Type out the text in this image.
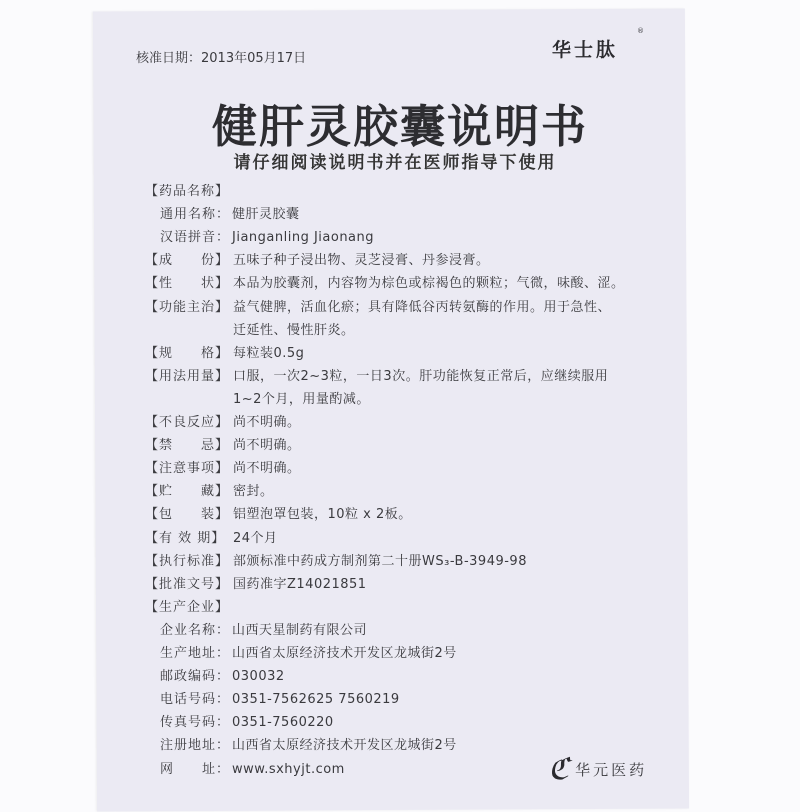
核准日期：2013年05月17日	华士肽
®
健肝灵胶囊说明书
请仔细阅读说明书并在医师指导下使用
【药品名称】
通用名称： 健肝灵胶囊
汉语拼音： Jianganling Jiaonang
【成　　份】 五味子种子浸出物、灵芝浸膏、丹参浸膏。
【性　　状】 本品为胶囊剂，内容物为棕色或棕褐色的颗粒；气微，味酸、涩。
【功能主治】 益气健脾，活血化瘀；具有降低谷丙转氨酶的作用。用于急性、
迁延性、慢性肝炎。
【规　　格】 每粒装0.5g
【用法用量】 口服，一次2~3粒，一日3次。肝功能恢复正常后，应继续服用
1~2个月，用量酌减。
【不良反应】 尚不明确。
【禁　　忌】 尚不明确。
【注意事项】 尚不明确。
【贮　　藏】 密封。
【包　　装】 铝塑泡罩包装，10粒 x 2板。
【有 效 期】 24个月
【执行标准】 部颁标准中药成方制剂第二十册WS₃-B-3949-98
【批准文号】 国药准字Z14021851
【生产企业】
企业名称： 山西天星制药有限公司
生产地址： 山西省太原经济技术开发区龙城街2号
邮政编码： 030032
电话号码： 0351-7562625 7560219
传真号码： 0351-7560220
注册地址： 山西省太原经济技术开发区龙城街2号
网　　址： www.sxhyjt.com	ℭ 华元医药
